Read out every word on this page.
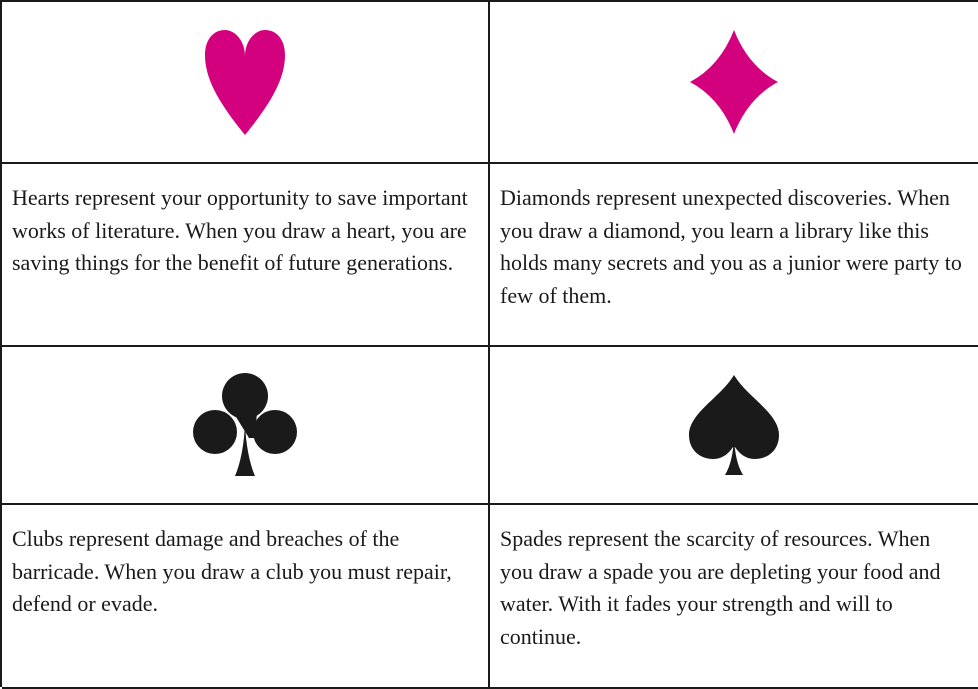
Hearts represent your opportunity to save important works of literature. When you draw a heart, you are saving things for the benefit of future generations.

Diamonds represent unexpected discoveries. When you draw a diamond, you learn a library like this holds many secrets and you as a junior were party to few of them.

Clubs represent damage and breaches of the barricade. When you draw a club you must repair, defend or evade.

Spades represent the scarcity of resources. When you draw a spade you are depleting your food and water. With it fades your strength and will to continue.
